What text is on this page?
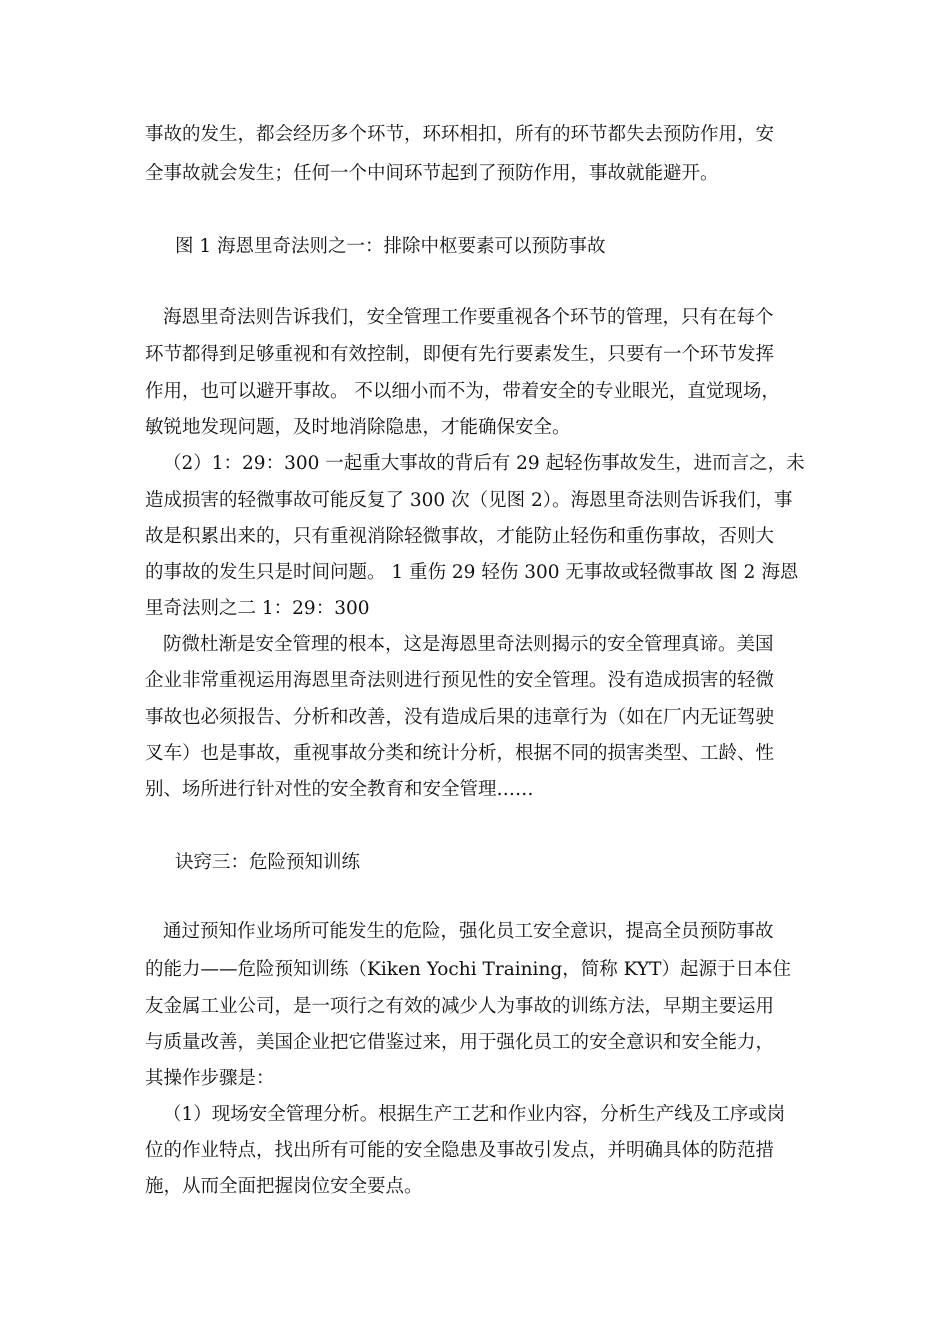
事故的发生，都会经历多个环节，环环相扣，所有的环节都失去预防作用，安
全事故就会发生；任何一个中间环节起到了预防作用，事故就能避开。
图 1 海恩里奇法则之一：排除中枢要素可以预防事故
海恩里奇法则告诉我们，安全管理工作要重视各个环节的管理，只有在每个
环节都得到足够重视和有效控制，即便有先行要素发生，只要有一个环节发挥
作用，也可以避开事故。 不以细小而不为，带着安全的专业眼光，直觉现场，
敏锐地发现问题，及时地消除隐患，才能确保安全。
（2）1：29：300 一起重大事故的背后有 29 起轻伤事故发生，进而言之，未
造成损害的轻微事故可能反复了 300 次（见图 2）。海恩里奇法则告诉我们，事
故是积累出来的，只有重视消除轻微事故，才能防止轻伤和重伤事故，否则大
的事故的发生只是时间问题。 1 重伤 29 轻伤 300 无事故或轻微事故 图 2 海恩
里奇法则之二 1：29：300
防微杜渐是安全管理的根本，这是海恩里奇法则揭示的安全管理真谛。美国
企业非常重视运用海恩里奇法则进行预见性的安全管理。没有造成损害的轻微
事故也必须报告、分析和改善，没有造成后果的违章行为（如在厂内无证驾驶
叉车）也是事故，重视事故分类和统计分析，根据不同的损害类型、工龄、性
别、场所进行针对性的安全教育和安全管理……
诀窍三：危险预知训练
通过预知作业场所可能发生的危险，强化员工安全意识，提高全员预防事故
的能力——危险预知训练（Kiken Yochi Training，简称 KYT）起源于日本住
友金属工业公司，是一项行之有效的减少人为事故的训练方法，早期主要运用
与质量改善，美国企业把它借鉴过来，用于强化员工的安全意识和安全能力，
其操作步骤是：
（1）现场安全管理分析。根据生产工艺和作业内容，分析生产线及工序或岗
位的作业特点，找出所有可能的安全隐患及事故引发点，并明确具体的防范措
施，从而全面把握岗位安全要点。
